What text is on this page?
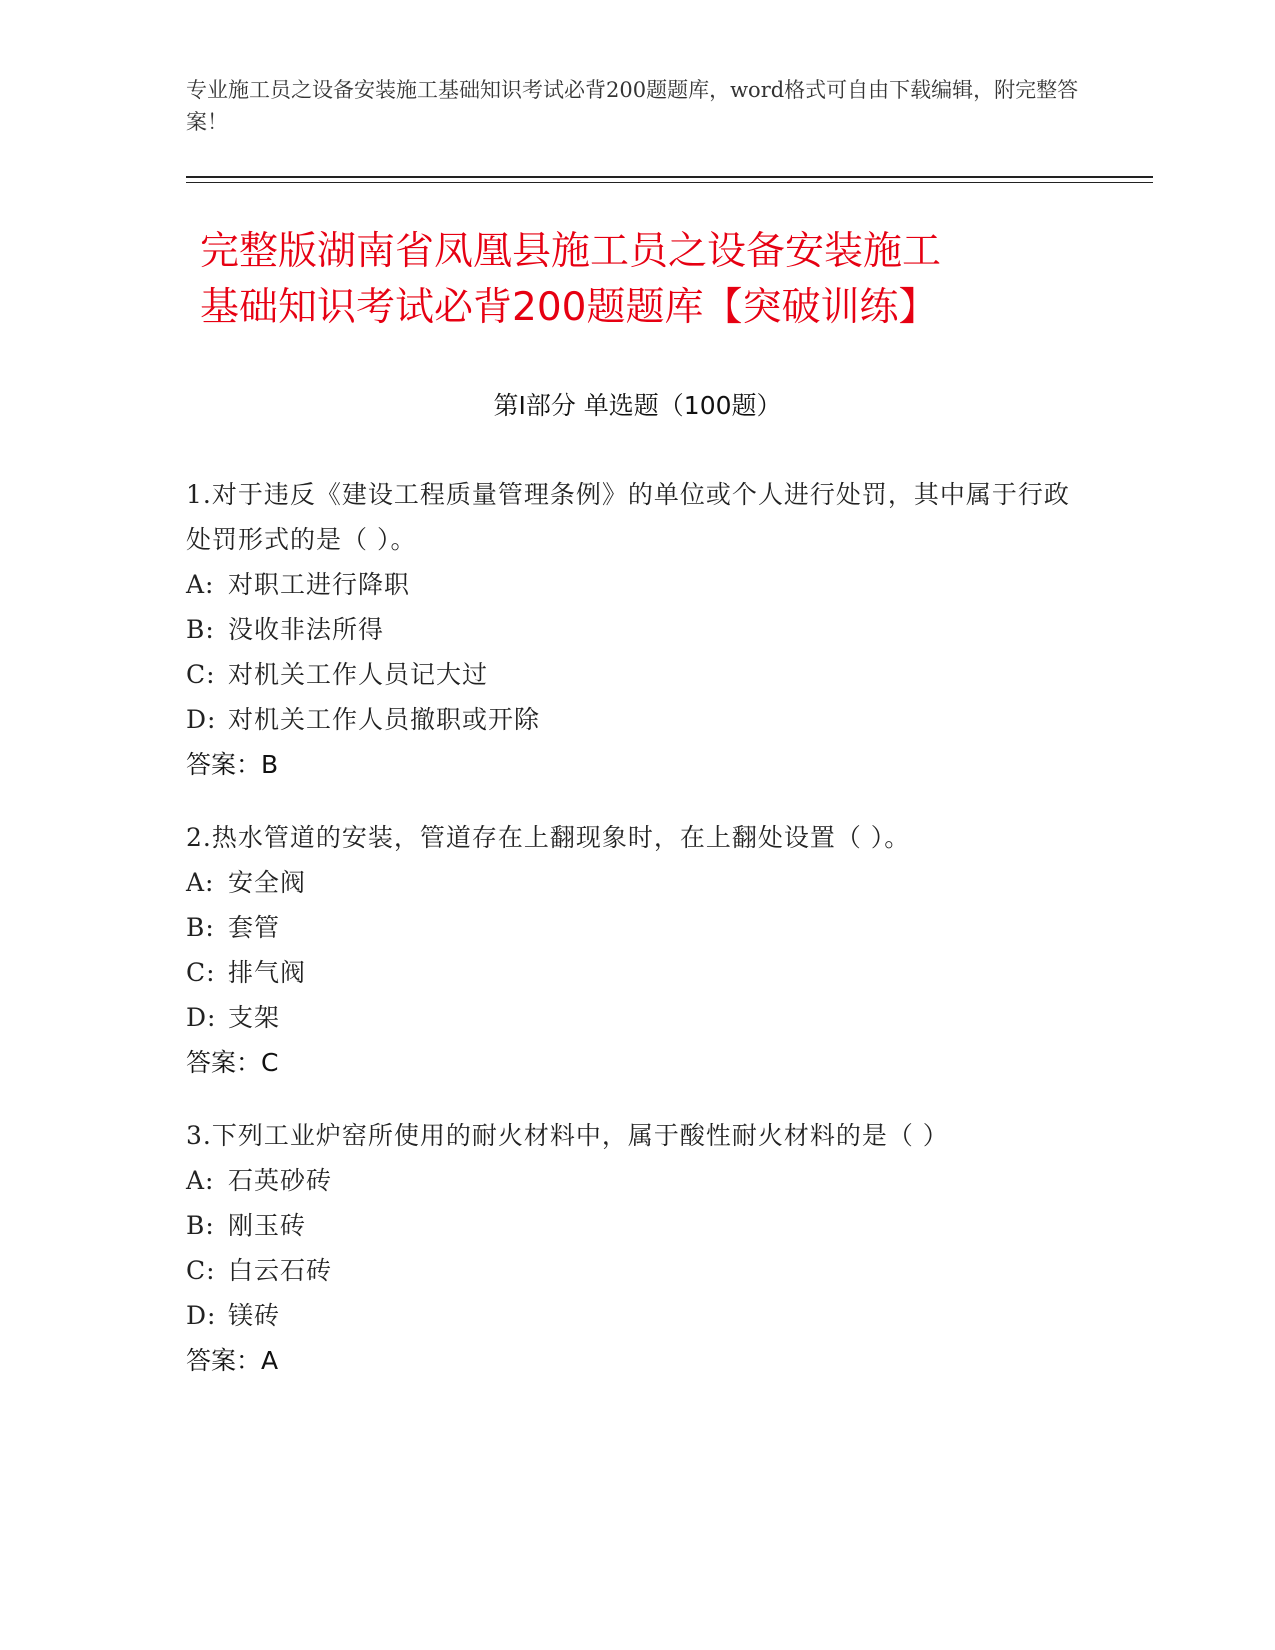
专业施工员之设备安装施工基础知识考试必背200题题库，word格式可自由下载编辑，附完整答案！
完整版湖南省凤凰县施工员之设备安装施工
基础知识考试必背200题题库【突破训练】
第Ⅰ部分 单选题（100题）
1.对于违反《建设工程质量管理条例》的单位或个人进行处罚，其中属于行政处罚形式的是（ ）。
A: 对职工进行降职
B: 没收非法所得
C: 对机关工作人员记大过
D: 对机关工作人员撤职或开除
答案：B
2.热水管道的安装，管道存在上翻现象时，在上翻处设置（ ）。
A: 安全阀
B: 套管
C: 排气阀
D: 支架
答案：C
3.下列工业炉窑所使用的耐火材料中，属于酸性耐火材料的是（ ）
A: 石英砂砖
B: 刚玉砖
C: 白云石砖
D: 镁砖
答案：A
